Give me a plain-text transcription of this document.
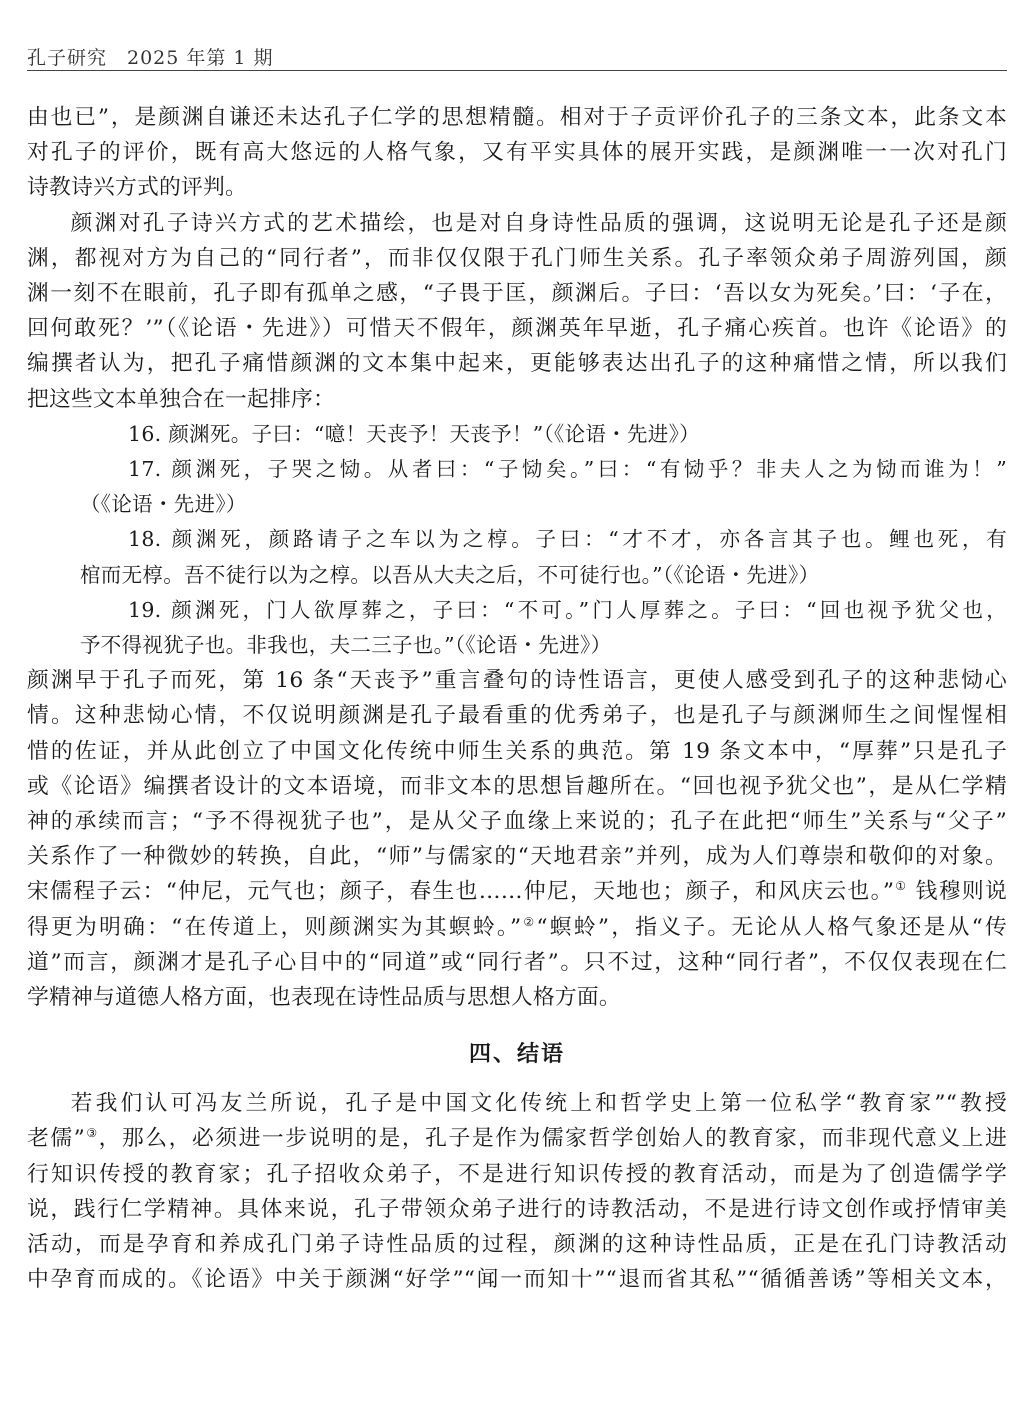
孔子研究　2025 年第 1 期

由也已”，是颜渊自谦还未达孔子仁学的思想精髓。相对于子贡评价孔子的三条文本，此条文本
对孔子的评价，既有高大悠远的人格气象，又有平实具体的展开实践，是颜渊唯一一次对孔门
诗教诗兴方式的评判。

颜渊对孔子诗兴方式的艺术描绘，也是对自身诗性品质的强调，这说明无论是孔子还是颜
渊，都视对方为自己的“同行者”，而非仅仅限于孔门师生关系。孔子率领众弟子周游列国，颜
渊一刻不在眼前，孔子即有孤单之感，“子畏于匡，颜渊后。子曰：‘吾以女为死矣。’曰：‘子在，
回何敢死？’”（《论语・先进》）可惜天不假年，颜渊英年早逝，孔子痛心疾首。也许《论语》的
编撰者认为，把孔子痛惜颜渊的文本集中起来，更能够表达出孔子的这种痛惜之情，所以我们
把这些文本单独合在一起排序：

16. 颜渊死。子曰：“噫！天丧予！天丧予！”（《论语・先进》）

17. 颜渊死，子哭之恸。从者曰：“子恸矣。”曰：“有恸乎？非夫人之为恸而谁为！”
（《论语・先进》）

18. 颜渊死，颜路请子之车以为之椁。子曰：“才不才，亦各言其子也。鲤也死，有
棺而无椁。吾不徒行以为之椁。以吾从大夫之后，不可徒行也。”（《论语・先进》）

19. 颜渊死，门人欲厚葬之，子曰：“不可。”门人厚葬之。子曰：“回也视予犹父也，
予不得视犹子也。非我也，夫二三子也。”（《论语・先进》）

颜渊早于孔子而死，第 16 条“天丧予”重言叠句的诗性语言，更使人感受到孔子的这种悲恸心
情。这种悲恸心情，不仅说明颜渊是孔子最看重的优秀弟子，也是孔子与颜渊师生之间惺惺相
惜的佐证，并从此创立了中国文化传统中师生关系的典范。第 19 条文本中，“厚葬”只是孔子
或《论语》编撰者设计的文本语境，而非文本的思想旨趣所在。“回也视予犹父也”，是从仁学精
神的承续而言；“予不得视犹子也”，是从父子血缘上来说的；孔子在此把“师生”关系与“父子”
关系作了一种微妙的转换，自此，“师”与儒家的“天地君亲”并列，成为人们尊崇和敬仰的对象。
宋儒程子云：“仲尼，元气也；颜子，春生也……仲尼，天地也；颜子，和风庆云也。”① 钱穆则说
得更为明确：“在传道上，则颜渊实为其螟蛉。”②“螟蛉”，指义子。无论从人格气象还是从“传
道”而言，颜渊才是孔子心目中的“同道”或“同行者”。只不过，这种“同行者”，不仅仅表现在仁
学精神与道德人格方面，也表现在诗性品质与思想人格方面。

四、结语

若我们认可冯友兰所说，孔子是中国文化传统上和哲学史上第一位私学“教育家”“教授
老儒”③，那么，必须进一步说明的是，孔子是作为儒家哲学创始人的教育家，而非现代意义上进
行知识传授的教育家；孔子招收众弟子，不是进行知识传授的教育活动，而是为了创造儒学学
说，践行仁学精神。具体来说，孔子带领众弟子进行的诗教活动，不是进行诗文创作或抒情审美
活动，而是孕育和养成孔门弟子诗性品质的过程，颜渊的这种诗性品质，正是在孔门诗教活动
中孕育而成的。《论语》中关于颜渊“好学”“闻一而知十”“退而省其私”“循循善诱”等相关文本，
